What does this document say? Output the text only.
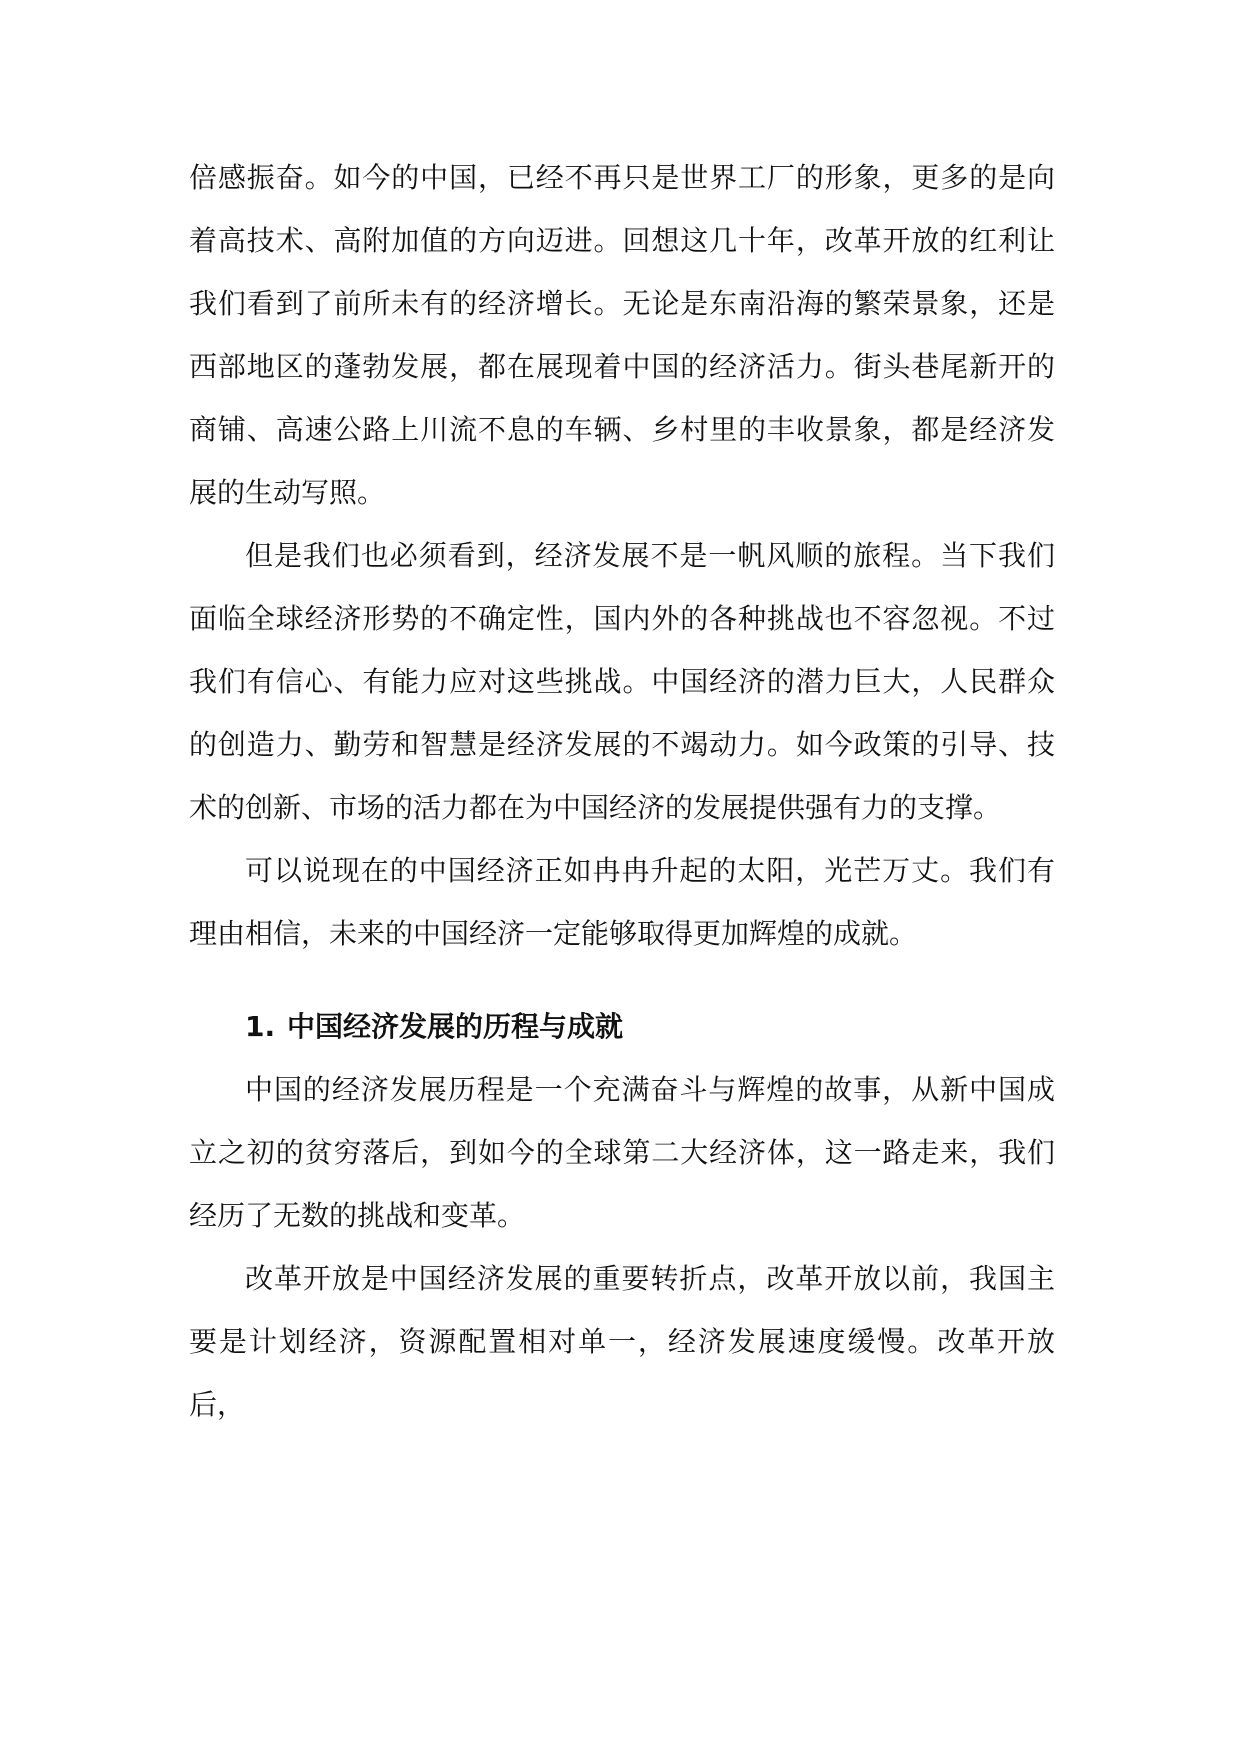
倍感振奋。如今的中国，已经不再只是世界工厂的形象，更多的是向着高技术、高附加值的方向迈进。回想这几十年，改革开放的红利让我们看到了前所未有的经济增长。无论是东南沿海的繁荣景象，还是西部地区的蓬勃发展，都在展现着中国的经济活力。街头巷尾新开的商铺、高速公路上川流不息的车辆、乡村里的丰收景象，都是经济发展的生动写照。

但是我们也必须看到，经济发展不是一帆风顺的旅程。当下我们面临全球经济形势的不确定性，国内外的各种挑战也不容忽视。不过我们有信心、有能力应对这些挑战。中国经济的潜力巨大，人民群众的创造力、勤劳和智慧是经济发展的不竭动力。如今政策的引导、技术的创新、市场的活力都在为中国经济的发展提供强有力的支撑。

可以说现在的中国经济正如冉冉升起的太阳，光芒万丈。我们有理由相信，未来的中国经济一定能够取得更加辉煌的成就。

1. 中国经济发展的历程与成就

中国的经济发展历程是一个充满奋斗与辉煌的故事，从新中国成立之初的贫穷落后，到如今的全球第二大经济体，这一路走来，我们经历了无数的挑战和变革。

改革开放是中国经济发展的重要转折点，改革开放以前，我国主要是计划经济，资源配置相对单一，经济发展速度缓慢。改革开放后，
